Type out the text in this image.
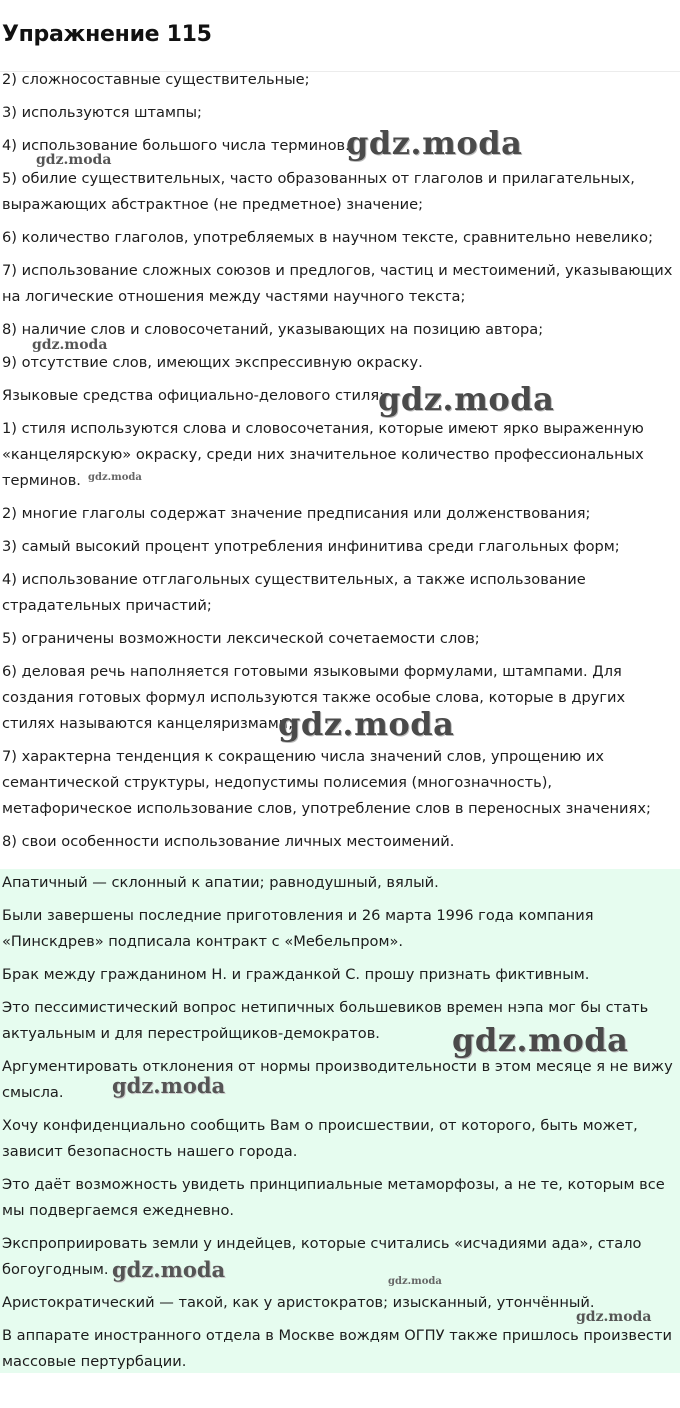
Упражнение 115

2) сложносоставные существительные;

3) используются штампы;

4) использование большого числа терминов.

5) обилие существительных, часто образованных от глаголов и прилагательных, выражающих абстрактное (не предметное) значение;

6) количество глаголов, употребляемых в научном тексте, сравнительно невелико;

7) использование сложных союзов и предлогов, частиц и местоимений, указывающих на логические отношения между частями научного текста;

8) наличие слов и словосочетаний, указывающих на позицию автора;

9) отсутствие слов, имеющих экспрессивную окраску.

Языковые средства официально-делового стиля:

1) стиля используются слова и словосочетания, которые имеют ярко выраженную «канцелярскую» окраску, среди них значительное количество профессиональных терминов.

2) многие глаголы содержат значение предписания или долженствования;

3) самый высокий процент употребления инфинитива среди глагольных форм;

4) использование отглагольных существительных, а также использование страдательных причастий;

5) ограничены возможности лексической сочетаемости слов;

6) деловая речь наполняется готовыми языковыми формулами, штампами. Для создания готовых формул используются также особые слова, которые в других стилях называются канцеляризмами;

7) характерна тенденция к сокращению числа значений слов, упрощению их семантической структуры, недопустимы полисемия (многозначность), метафорическое использование слов, употребление слов в переносных значениях;

8) свои особенности использование личных местоимений.

Апатичный — склонный к апатии; равнодушный, вялый.

Были завершены последние приготовления и 26 марта 1996 года компания «Пинскдрев» подписала контракт с «Мебельпром».

Брак между гражданином Н. и гражданкой С. прошу признать фиктивным.

Это пессимистический вопрос нетипичных большевиков времен нэпа мог бы стать актуальным и для перестройщиков-демократов.

Аргументировать отклонения от нормы производительности в этом месяце я не вижу смысла.

Хочу конфиденциально сообщить Вам о происшествии, от которого, быть может, зависит безопасность нашего города.

Это даёт возможность увидеть принципиальные метаморфозы, а не те, которым все мы подвергаемся ежедневно.

Экспроприировать земли у индейцев, которые считались «исчадиями ада», стало богоугодным.

Аристократический — такой, как у аристократов; изысканный, утончённый.

В аппарате иностранного отдела в Москве вождям ОГПУ также пришлось произвести массовые пертурбации.

gdz.moda
gdz.moda
gdz.moda
gdz.moda
gdz.moda
gdz.moda
gdz.moda
gdz.moda
gdz.moda	gdz.moda
gdz.moda
